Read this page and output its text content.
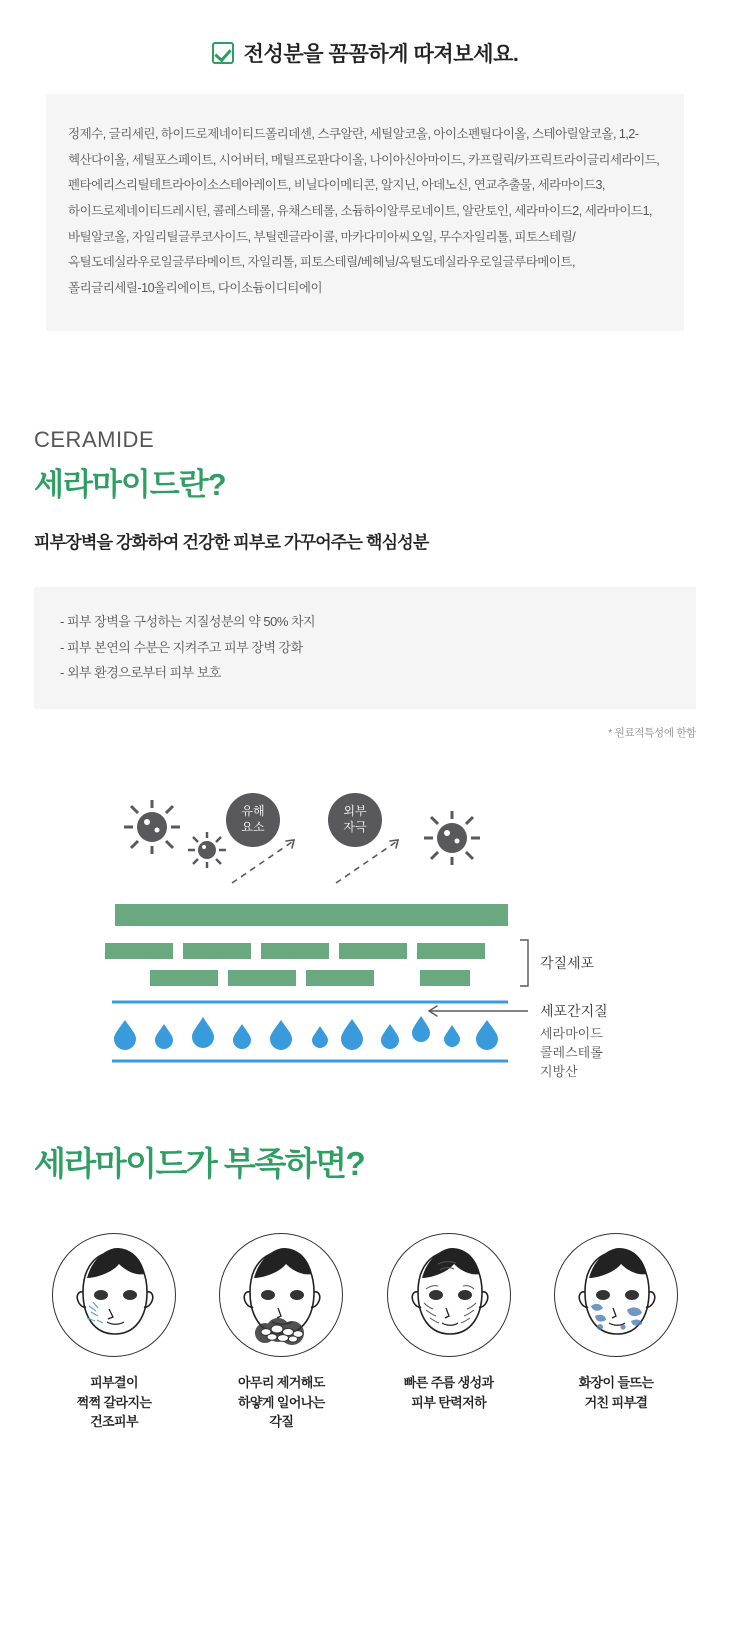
전성분을 꼼꼼하게 따져보세요.
정제수, 글리세린, 하이드로제네이티드폴리데센, 스쿠알란, 세틸알코올, 아이소펜틸다이올, 스테아릴알코올, 1,2-헥산다이올, 세틸포스페이트, 시어버터, 메틸프로판다이올, 나이아신아마이드, 카프릴릭/카프릭트라이글리세라이드, 펜타에리스리틸테트라아이소스테아레이트, 비닐다이메티콘, 알지닌, 아데노신, 연교추출물, 세라마이드3, 하이드로제네이티드레시틴, 콜레스테롤, 유채스테롤, 소듐하이알루로네이트, 알란토인, 세라마이드2, 세라마이드1, 바틸알코올, 자일리틸글루코사이드, 부틸렌글라이콜, 마카다미아씨오일, 무수자일리톨, 피토스테릴/옥틸도데실라우로일글루타메이트, 자일리톨, 피토스테릴/베헤닐/옥틸도데실라우로일글루타메이트, 폴리글리세릴-10올리에이트, 다이소듐이디티에이
CERAMIDE
세라마이드란?
피부장벽을 강화하여 건강한 피부로 가꾸어주는 핵심성분
- 피부 장벽을 구성하는 지질성분의 약 50% 차지
- 피부 본연의 수분은 지켜주고 피부 장벽 강화
- 외부 환경으로부터 피부 보호
* 원료적특성에 한함
유해
요소
외부
자극
각질세포
세포간지질
세라마이드
콜레스테롤
지방산
세라마이드가 부족하면?
피부결이
쩍쩍 갈라지는
건조피부
아무리 제거해도
하얗게 일어나는
각질
빠른 주름 생성과
피부 탄력저하
화장이 들뜨는
거친 피부결
